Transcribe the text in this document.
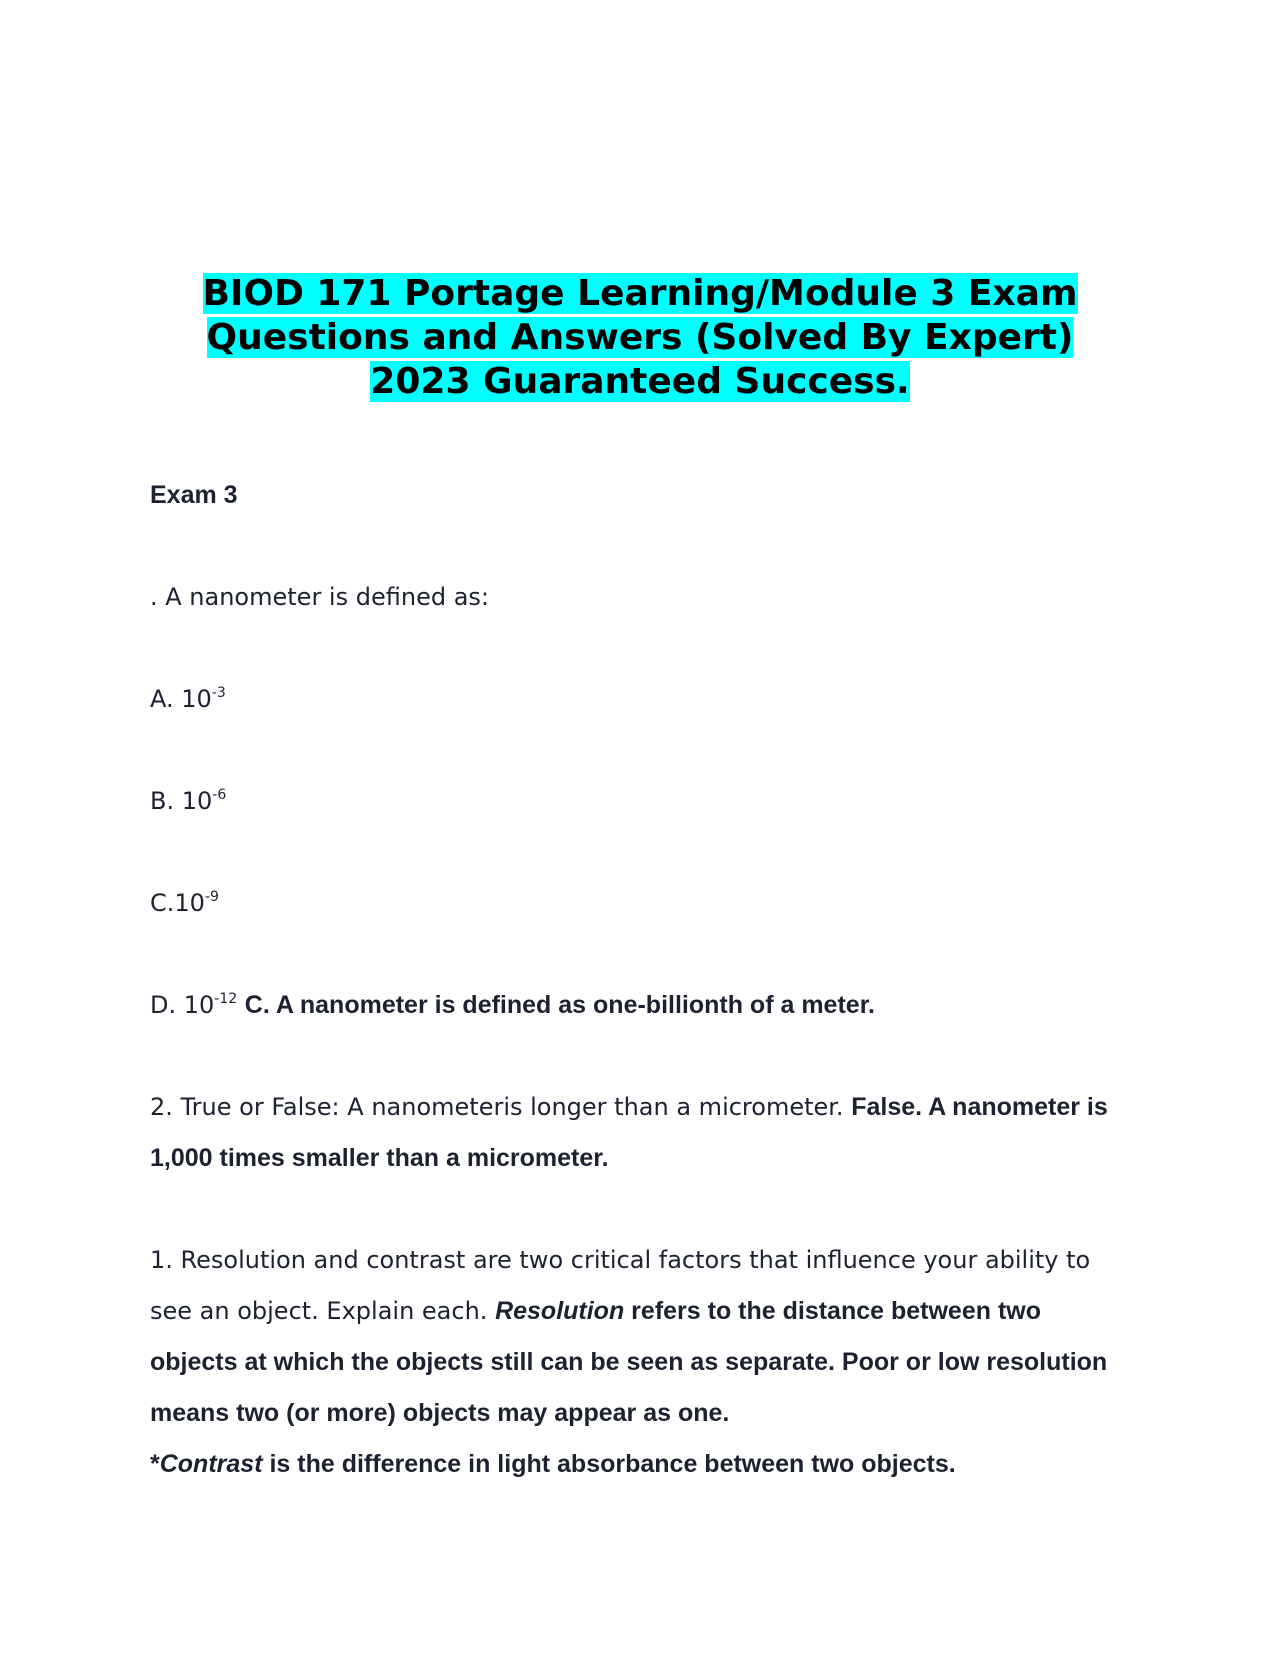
BIOD 171 Portage Learning/Module 3 Exam
Questions and Answers (Solved By Expert)
2023 Guaranteed Success.
Exam 3
. A nanometer is defined as:
A. $10^{-3}$
B. $10^{-6}$
$C.10^{-9}$
D. $10^{-12}$ C. A nanometer is defined as one-billionth of a meter.
2. True or False: A nanometeris longer than a micrometer. False. A nanometer is 1,000 times smaller than a micrometer.
1. Resolution and contrast are two critical factors that influence your ability to see an object. Explain each. Resolution refers to the distance between two objects at which the objects still can be seen as separate. Poor or low resolution means two (or more) objects may appear as one.
*Contrast is the difference in light absorbance between two objects.
